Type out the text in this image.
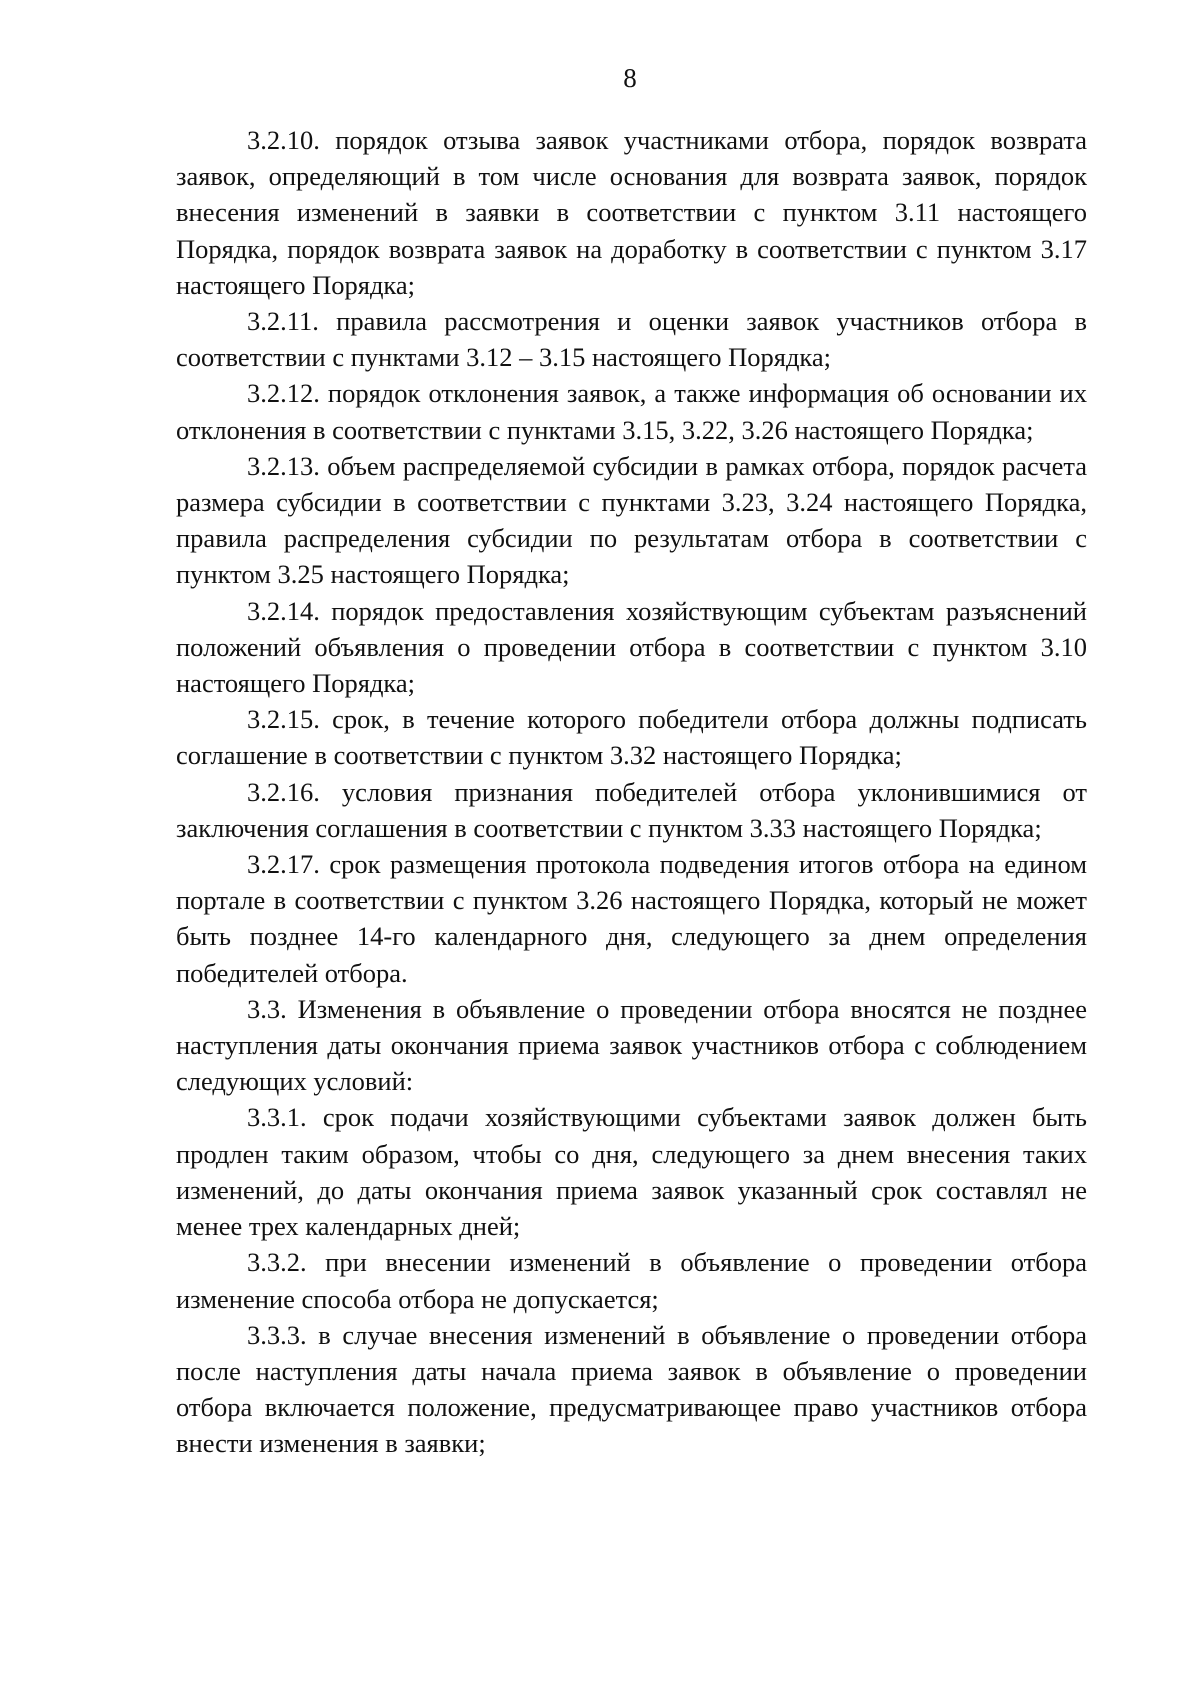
8

3.2.10. порядок отзыва заявок участниками отбора, порядок возврата заявок, определяющий в том числе основания для возврата заявок, порядок внесения изменений в заявки в соответствии с пунктом 3.11 настоящего Порядка, порядок возврата заявок на доработку в соответствии с пунктом 3.17 настоящего Порядка;

3.2.11. правила рассмотрения и оценки заявок участников отбора в соответствии с пунктами 3.12 – 3.15 настоящего Порядка;

3.2.12. порядок отклонения заявок, а также информация об основании их отклонения в соответствии с пунктами 3.15, 3.22, 3.26 настоящего Порядка;

3.2.13. объем распределяемой субсидии в рамках отбора, порядок расчета размера субсидии в соответствии с пунктами 3.23, 3.24 настоящего Порядка, правила распределения субсидии по результатам отбора в соответствии с пунктом 3.25 настоящего Порядка;

3.2.14. порядок предоставления хозяйствующим субъектам разъяснений положений объявления о проведении отбора в соответствии с пунктом 3.10 настоящего Порядка;

3.2.15. срок, в течение которого победители отбора должны подписать соглашение в соответствии с пунктом 3.32 настоящего Порядка;

3.2.16. условия признания победителей отбора уклонившимися от заключения соглашения в соответствии с пунктом 3.33 настоящего Порядка;

3.2.17. срок размещения протокола подведения итогов отбора на едином портале в соответствии с пунктом 3.26 настоящего Порядка, который не может быть позднее 14-го календарного дня, следующего за днем определения победителей отбора.

3.3. Изменения в объявление о проведении отбора вносятся не позднее наступления даты окончания приема заявок участников отбора с соблюдением следующих условий:

3.3.1. срок подачи хозяйствующими субъектами заявок должен быть продлен таким образом, чтобы со дня, следующего за днем внесения таких изменений, до даты окончания приема заявок указанный срок составлял не менее трех календарных дней;

3.3.2. при внесении изменений в объявление о проведении отбора изменение способа отбора не допускается;

3.3.3. в случае внесения изменений в объявление о проведении отбора после наступления даты начала приема заявок в объявление о проведении отбора включается положение, предусматривающее право участников отбора внести изменения в заявки;
